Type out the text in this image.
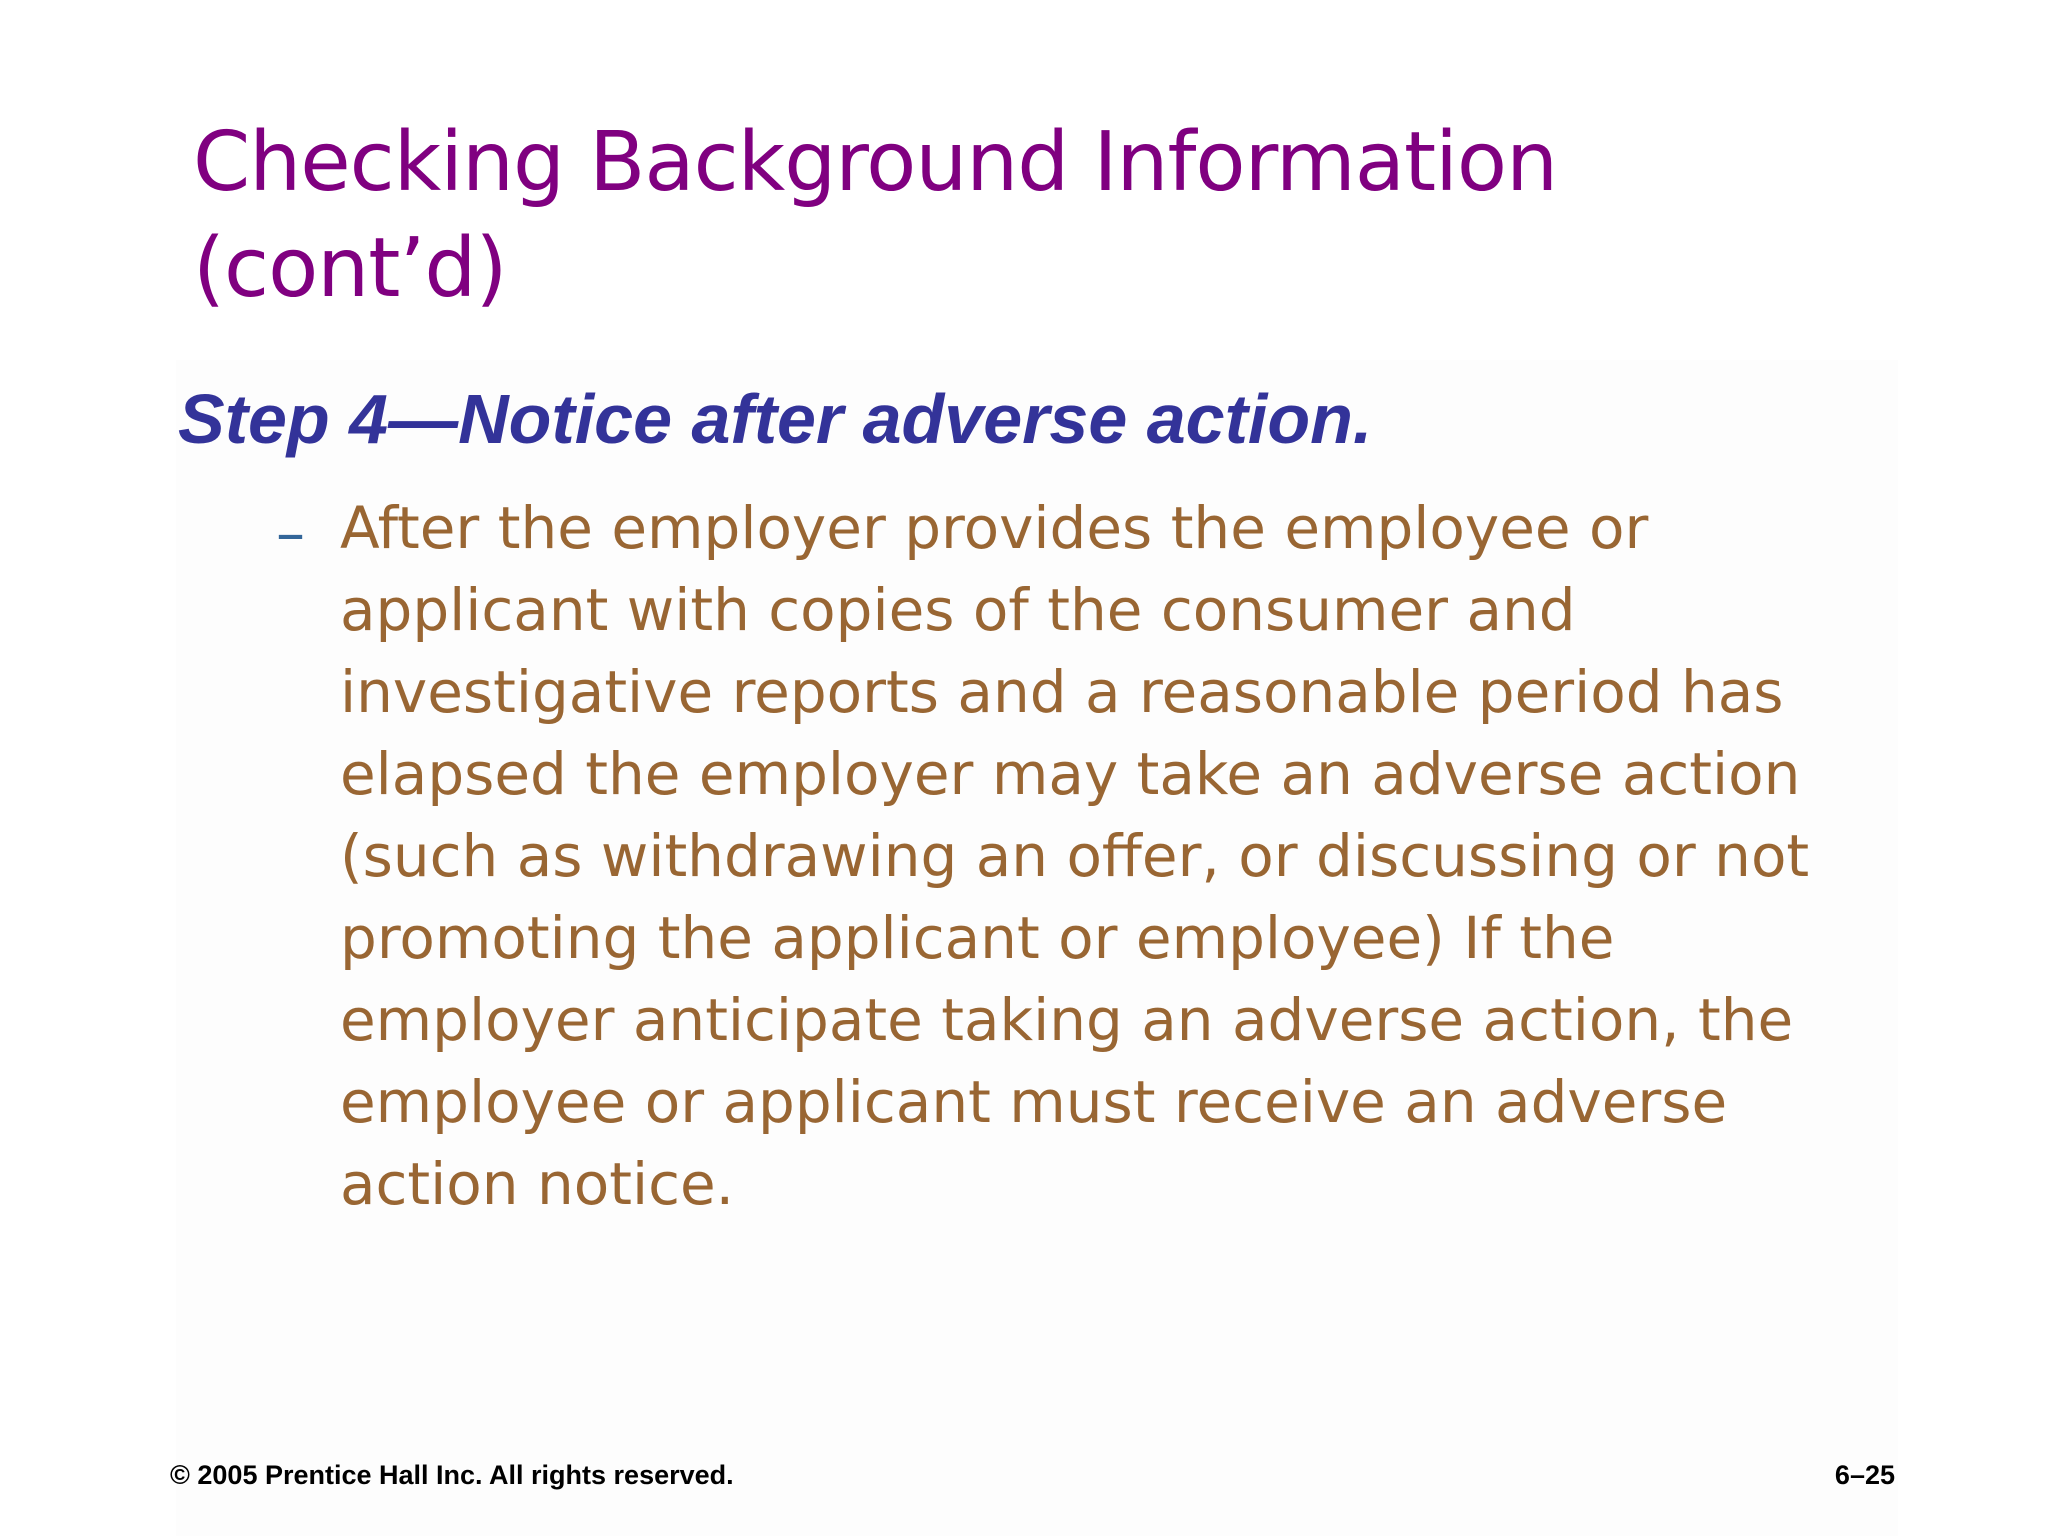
Checking Background Information
(cont’d)
Step 4—Notice after adverse action.
– After the employer provides the employee or
applicant with copies of the consumer and
investigative reports and a reasonable period has
elapsed the employer may take an adverse action
(such as withdrawing an offer, or discussing or not
promoting the applicant or employee) If the
employer anticipate taking an adverse action, the
employee or applicant must receive an adverse
action notice.
© 2005 Prentice Hall Inc. All rights reserved.	6–25
